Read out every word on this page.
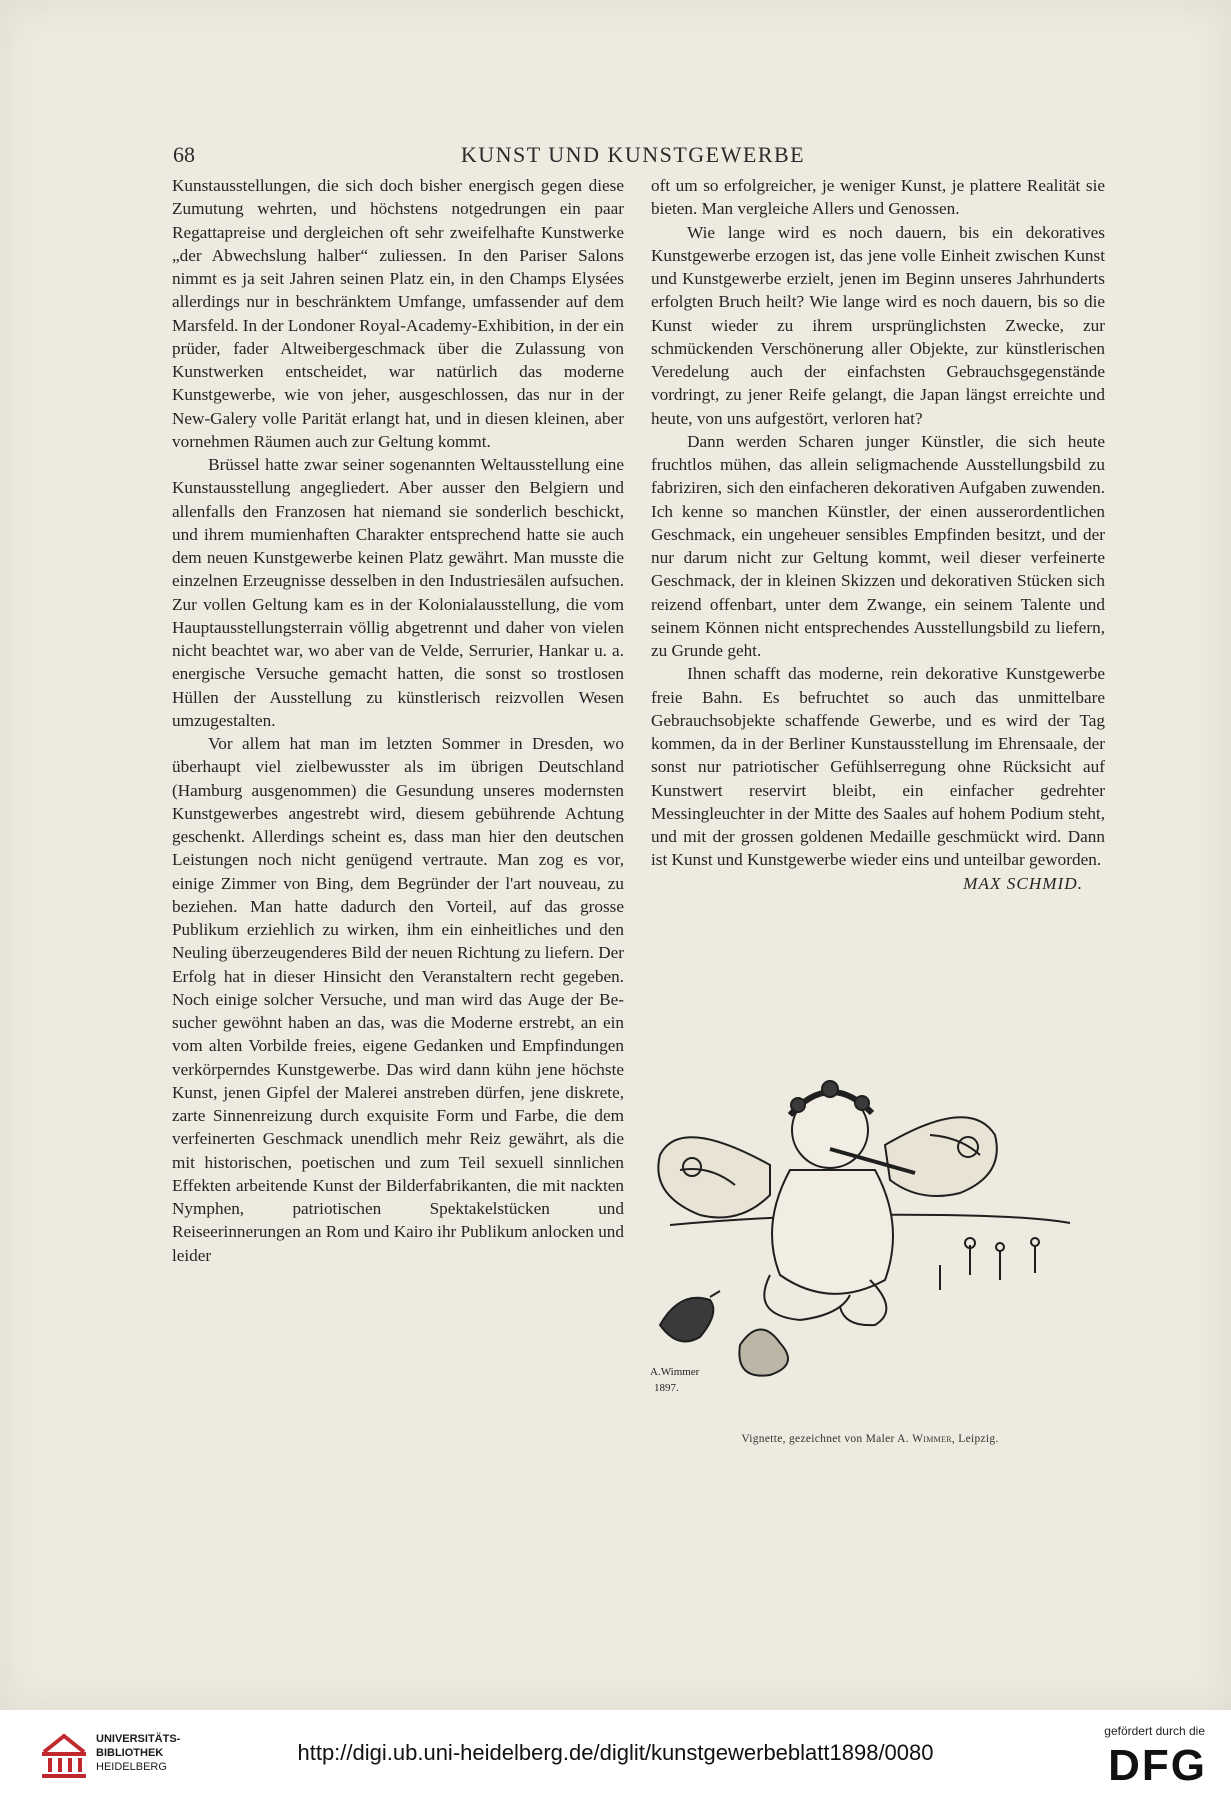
68	KUNST UND KUNSTGEWERBE

Kunstausstellungen, die sich doch bisher energisch gegen diese Zumutung wehrten, und höchstens notgedrungen ein paar Regattapreise und dergleichen oft sehr zweifelhafte Kunstwerke „der Abwechslung halber“ zuliessen. In den Pariser Salons nimmt es ja seit Jahren seinen Platz ein, in den Champs Elysées allerdings nur in beschränktem Umfange, umfassender auf dem Marsfeld. In der Londoner Royal-Academy-Exhibition, in der ein prüder, fader Altweibergeschmack über die Zulassung von Kunstwerken entscheidet, war natürlich das moderne Kunstgewerbe, wie von jeher, ausgeschlossen, das nur in der New-Galery volle Parität erlangt hat, und in diesen kleinen, aber vornehmen Räumen auch zur Geltung kommt.

Brüssel hatte zwar seiner sogenannten Weltausstellung eine Kunstausstellung angegliedert. Aber ausser den Belgiern und allenfalls den Franzosen hat niemand sie sonderlich beschickt, und ihrem mumienhaften Charakter entsprechend hatte sie auch dem neuen Kunstgewerbe keinen Platz gewährt. Man musste die einzelnen Erzeugnisse desselben in den Industriesälen aufsuchen. Zur vollen Geltung kam es in der Kolonialausstellung, die vom Hauptausstellungsterrain völlig abgetrennt und daher von vielen nicht beachtet war, wo aber van de Velde, Serrurier, Hankar u. a. energische Versuche gemacht hatten, die sonst so trostlosen Hüllen der Ausstellung zu künstlerisch reizvollen Wesen umzugestalten.

Vor allem hat man im letzten Sommer in Dresden, wo überhaupt viel zielbewusster als im übrigen Deutschland (Hamburg ausgenommen) die Gesundung unseres modernsten Kunstgewerbes angestrebt wird, diesem gebührende Achtung geschenkt. Allerdings scheint es, dass man hier den deutschen Leistungen noch nicht genügend vertraute. Man zog es vor, einige Zimmer von Bing, dem Begründer der l'art nouveau, zu beziehen. Man hatte dadurch den Vorteil, auf das grosse Publikum erziehlich zu wirken, ihm ein einheitliches und den Neuling überzeugenderes Bild der neuen Richtung zu liefern. Der Erfolg hat in dieser Hinsicht den Veranstaltern recht gegeben. Noch einige solcher Versuche, und man wird das Auge der Besucher gewöhnt haben an das, was die Moderne erstrebt, an ein vom alten Vorbilde freies, eigene Gedanken und Empfindungen verkörperndes Kunstgewerbe. Das wird dann kühn jene höchste Kunst, jenen Gipfel der Malerei anstreben dürfen, jene diskrete, zarte Sinnenreizung durch exquisite Form und Farbe, die dem verfeinerten Geschmack unendlich mehr Reiz gewährt, als die mit historischen, poetischen und zum Teil sexuell sinnlichen Effekten arbeitende Kunst der Bilderfabrikanten, die mit nackten Nymphen, patriotischen Spektakelstücken und Reiseerinnerungen an Rom und Kairo ihr Publikum anlocken und leider

oft um so erfolgreicher, je weniger Kunst, je plattere Realität sie bieten. Man vergleiche Allers und Genossen.

Wie lange wird es noch dauern, bis ein dekoratives Kunstgewerbe erzogen ist, das jene volle Einheit zwischen Kunst und Kunstgewerbe erzielt, jenen im Beginn unseres Jahrhunderts erfolgten Bruch heilt? Wie lange wird es noch dauern, bis so die Kunst wieder zu ihrem ursprünglichsten Zwecke, zur schmückenden Verschönerung aller Objekte, zur künstlerischen Veredelung auch der einfachsten Gebrauchsgegenstände vordringt, zu jener Reife gelangt, die Japan längst erreichte und heute, von uns aufgestört, verloren hat?

Dann werden Scharen junger Künstler, die sich heute fruchtlos mühen, das allein seligmachende Ausstellungsbild zu fabriziren, sich den einfacheren dekorativen Aufgaben zuwenden. Ich kenne so manchen Künstler, der einen ausserordentlichen Geschmack, ein ungeheuer sensibles Empfinden besitzt, und der nur darum nicht zur Geltung kommt, weil dieser verfeinerte Geschmack, der in kleinen Skizzen und dekorativen Stücken sich reizend offenbart, unter dem Zwange, ein seinem Talente und seinem Können nicht entsprechendes Ausstellungsbild zu liefern, zu Grunde geht.

Ihnen schafft das moderne, rein dekorative Kunstgewerbe freie Bahn. Es befruchtet so auch das unmittelbare Gebrauchsobjekte schaffende Gewerbe, und es wird der Tag kommen, da in der Berliner Kunstausstellung im Ehrensaale, der sonst nur patriotischer Gefühlserregung ohne Rücksicht auf Kunstwert reservirt bleibt, ein einfacher gedrehter Messingleuchter in der Mitte des Saales auf hohem Podium steht, und mit der grossen goldenen Medaille geschmückt wird. Dann ist Kunst und Kunstgewerbe wieder eins und unteilbar geworden.
MAX SCHMID.

A.Wimmer
1897.
Vignette, gezeichnet von Maler A. Wimmer, Leipzig.
UNIVERSITÄTS-
BIBLIOTHEK
HEIDELBERG
http://digi.ub.uni-heidelberg.de/diglit/kunstgewerbeblatt1898/0080
gefördert durch die
DFG
